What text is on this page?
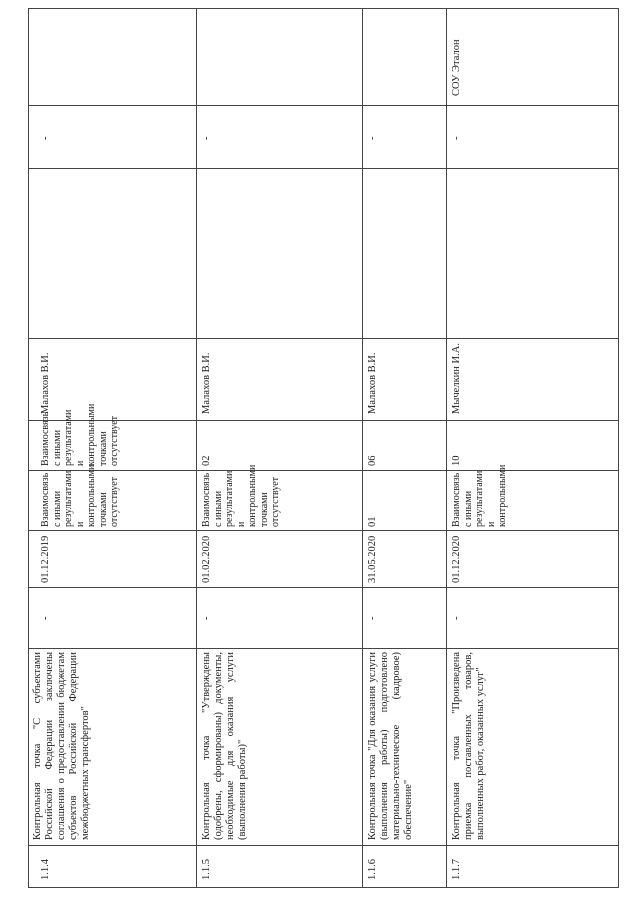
1.1.4
Контрольная точка "С субъектами Российской Федерации заключены соглашения о предоставлении бюджетам субъектов Российской Федерации межбюджетных трансфертов"
-
01.12.2019
Взаимосвязь с иными результатами и контрольными точками отсутствует
Взаимосвязь с иными результатами и контрольными точками отсутствует
Малахов В.И.
-
1.1.5
Контрольная точка "Утверждены (одобрены, сформированы) документы, необходимые для оказания услуги (выполнения работы)"
-
01.02.2020
Взаимосвязь с иными результатами и контрольными точками отсутствует
02
Малахов В.И.
-
1.1.6
Контрольная точка "Для оказания услуги (выполнения работы) подготовлено материально-техническое (кадровое) обеспечение"
-
31.05.2020
01
06
Малахов В.И.
-
1.1.7
Контрольная точка "Произведена приемка поставленных товаров, выполненных работ, оказанных услуг"
-
01.12.2020
Взаимосвязь с иными результатами и контрольными
10
Мычелкин И.А.
-
СОУ Эталон
